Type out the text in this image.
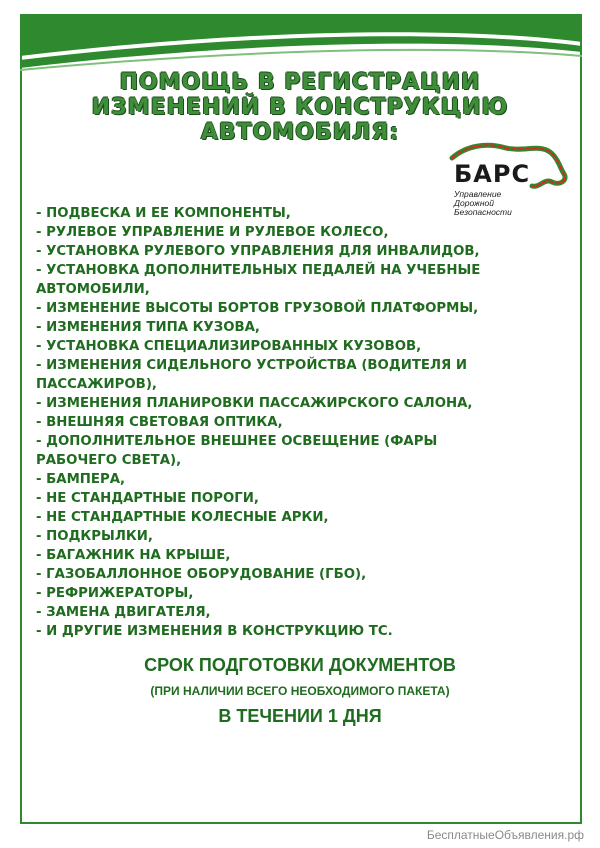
ПОМОЩЬ В РЕГИСТРАЦИИ
ИЗМЕНЕНИЙ В КОНСТРУКЦИЮ
АВТОМОБИЛЯ:
БАРС
Управление
Дорожной
Безопасности
- ПОДВЕСКА И ЕЕ КОМПОНЕНТЫ,
- РУЛЕВОЕ УПРАВЛЕНИЕ И РУЛЕВОЕ КОЛЕСО,
- УСТАНОВКА РУЛЕВОГО УПРАВЛЕНИЯ ДЛЯ ИНВАЛИДОВ,
- УСТАНОВКА ДОПОЛНИТЕЛЬНЫХ ПЕДАЛЕЙ НА УЧЕБНЫЕ
АВТОМОБИЛИ,
- ИЗМЕНЕНИЕ ВЫСОТЫ БОРТОВ ГРУЗОВОЙ ПЛАТФОРМЫ,
- ИЗМЕНЕНИЯ ТИПА КУЗОВА,
- УСТАНОВКА СПЕЦИАЛИЗИРОВАННЫХ КУЗОВОВ,
- ИЗМЕНЕНИЯ СИДЕЛЬНОГО УСТРОЙСТВА (ВОДИТЕЛЯ И
ПАССАЖИРОВ),
- ИЗМЕНЕНИЯ ПЛАНИРОВКИ ПАССАЖИРСКОГО САЛОНА,
- ВНЕШНЯЯ СВЕТОВАЯ ОПТИКА,
- ДОПОЛНИТЕЛЬНОЕ ВНЕШНЕЕ ОСВЕЩЕНИЕ (ФАРЫ
РАБОЧЕГО СВЕТА),
- БАМПЕРА,
- НЕ СТАНДАРТНЫЕ ПОРОГИ,
- НЕ СТАНДАРТНЫЕ КОЛЕСНЫЕ АРКИ,
- ПОДКРЫЛКИ,
- БАГАЖНИК НА КРЫШЕ,
- ГАЗОБАЛЛОННОЕ ОБОРУДОВАНИЕ (ГБО),
- РЕФРИЖЕРАТОРЫ,
- ЗАМЕНА ДВИГАТЕЛЯ,
- И ДРУГИЕ ИЗМЕНЕНИЯ В КОНСТРУКЦИЮ ТС.
СРОК ПОДГОТОВКИ ДОКУМЕНТОВ
(ПРИ НАЛИЧИИ ВСЕГО НЕОБХОДИМОГО ПАКЕТА)
В ТЕЧЕНИИ 1 ДНЯ
БесплатныеОбъявления.рф
